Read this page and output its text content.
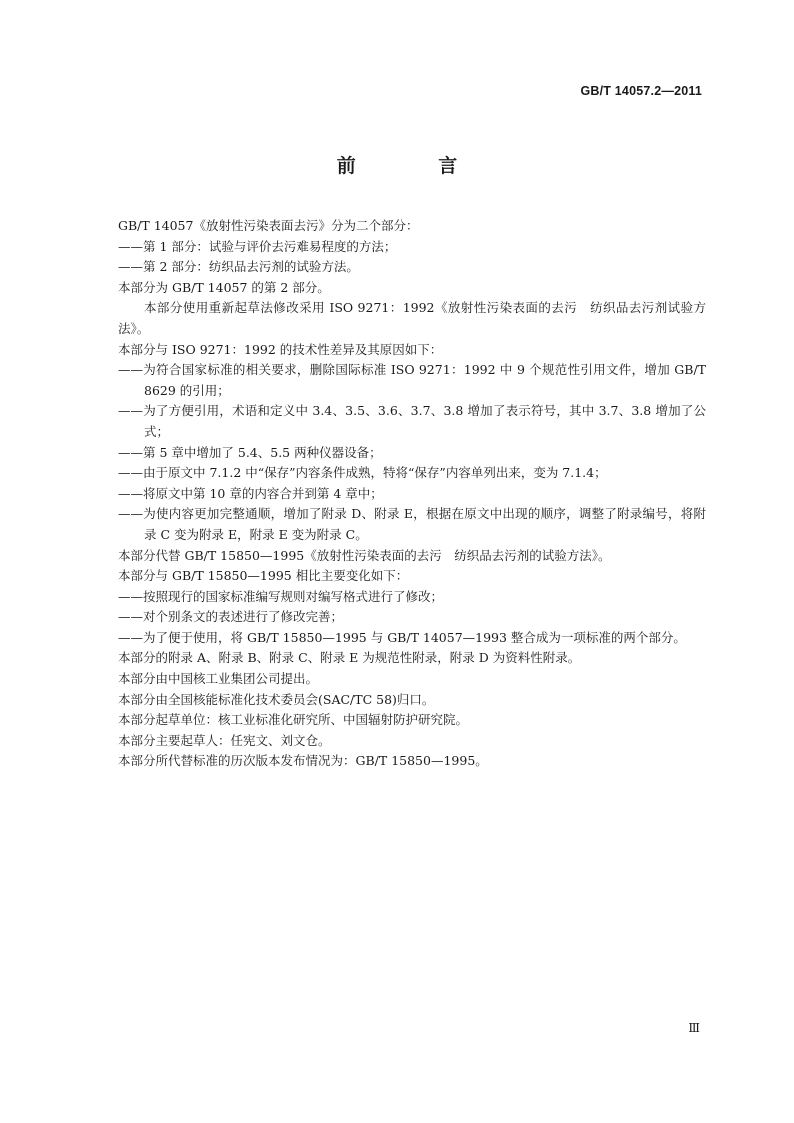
GB/T 14057.2—2011
前 言

GB/T 14057《放射性污染表面去污》分为二个部分：

——第 1 部分：试验与评价去污难易程度的方法；

——第 2 部分：纺织品去污剂的试验方法。

本部分为 GB/T 14057 的第 2 部分。

本部分使用重新起草法修改采用 ISO 9271：1992《放射性污染表面的去污　纺织品去污剂试验方法》。

本部分与 ISO 9271：1992 的技术性差异及其原因如下：

——为符合国家标准的相关要求，删除国际标准 ISO 9271：1992 中 9 个规范性引用文件，增加 GB/T 8629 的引用；

——为了方便引用，术语和定义中 3.4、3.5、3.6、3.7、3.8 增加了表示符号，其中 3.7、3.8 增加了公式；

——第 5 章中增加了 5.4、5.5 两种仪器设备；

——由于原文中 7.1.2 中“保存”内容条件成熟，特将“保存”内容单列出来，变为 7.1.4；

——将原文中第 10 章的内容合并到第 4 章中；

——为使内容更加完整通顺，增加了附录 D、附录 E，根据在原文中出现的顺序，调整了附录编号，将附录 C 变为附录 E，附录 E 变为附录 C。

本部分代替 GB/T 15850—1995《放射性污染表面的去污　纺织品去污剂的试验方法》。

本部分与 GB/T 15850—1995 相比主要变化如下：

——按照现行的国家标准编写规则对编写格式进行了修改；

——对个别条文的表述进行了修改完善；

——为了便于使用，将 GB/T 15850—1995 与 GB/T 14057—1993 整合成为一项标准的两个部分。

本部分的附录 A、附录 B、附录 C、附录 E 为规范性附录，附录 D 为资料性附录。

本部分由中国核工业集团公司提出。

本部分由全国核能标准化技术委员会(SAC/TC 58)归口。

本部分起草单位：核工业标准化研究所、中国辐射防护研究院。

本部分主要起草人：任宪文、刘文仓。

本部分所代替标准的历次版本发布情况为：GB/T 15850—1995。

Ⅲ
